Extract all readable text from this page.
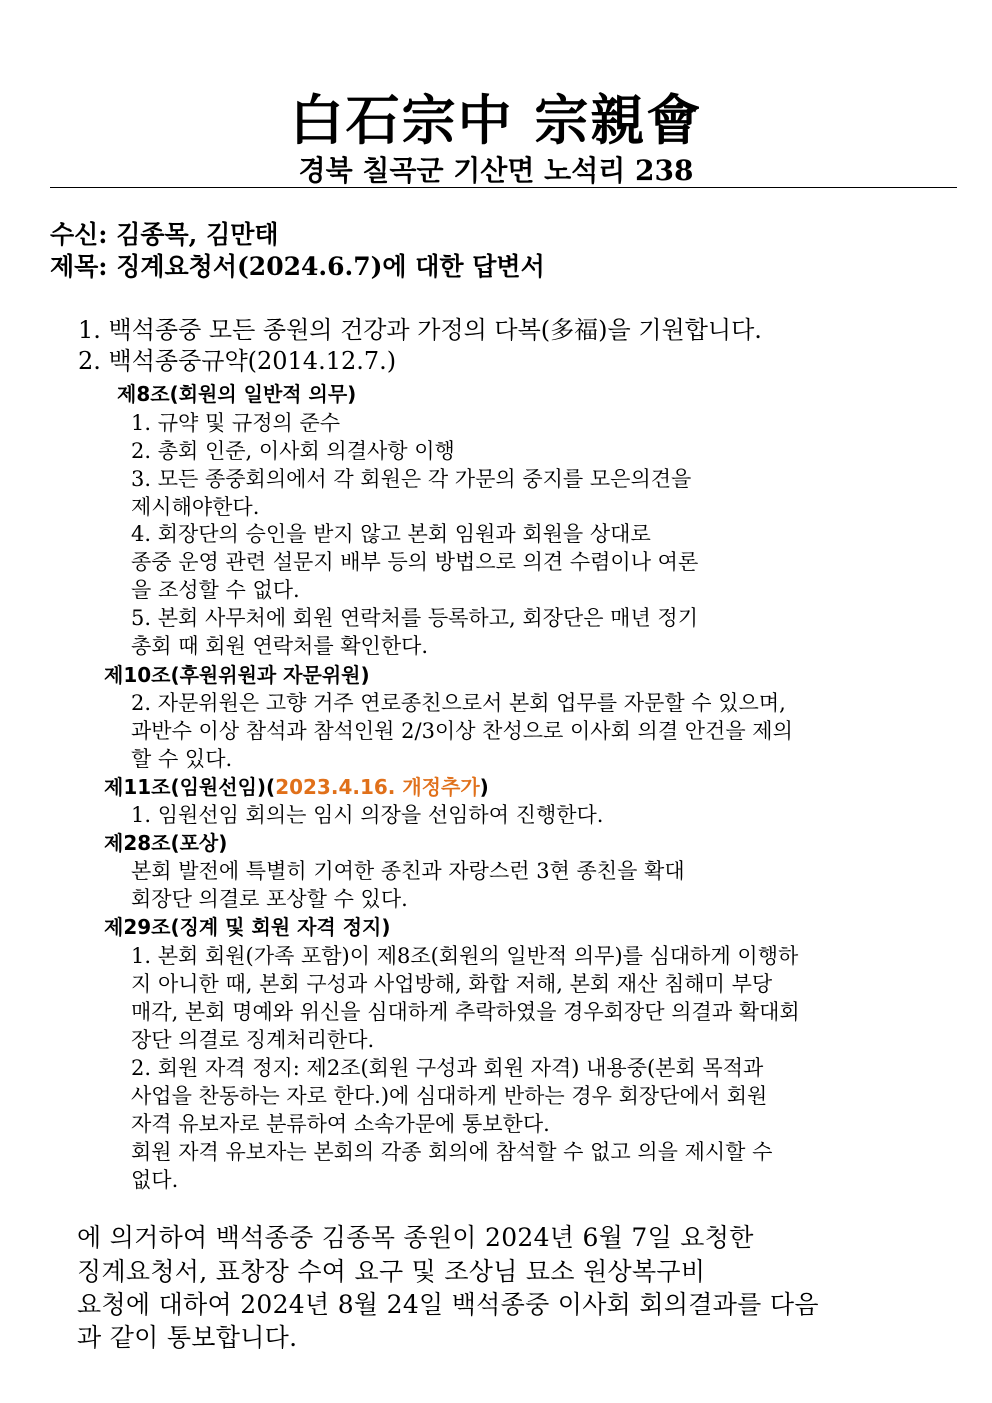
白石宗中 宗親會
경북 칠곡군 기산면 노석리 238
수신: 김종목, 김만태
제목: 징계요청서(2024.6.7)에 대한 답변서
1. 백석종중 모든 종원의 건강과 가정의 다복(多福)을 기원합니다.
2. 백석종중규약(2014.12.7.)
제8조(회원의 일반적 의무)
1. 규약 및 규정의 준수
2. 총회 인준, 이사회 의결사항 이행
3. 모든 종중회의에서 각 회원은 각 가문의 중지를 모은의견을
제시해야한다.
4. 회장단의 승인을 받지 않고 본회 임원과 회원을 상대로
종중 운영 관련 설문지 배부 등의 방법으로 의견 수렴이나 여론
을 조성할 수 없다.
5. 본회 사무처에 회원 연락처를 등록하고, 회장단은 매년 정기
총회 때 회원 연락처를 확인한다.
제10조(후원위원과 자문위원)
2. 자문위원은 고향 거주 연로종친으로서 본회 업무를 자문할 수 있으며,
과반수 이상 참석과 참석인원 2/3이상 찬성으로 이사회 의결 안건을 제의
할 수 있다.
제11조(임원선임)(2023.4.16. 개정추가)
1. 임원선임 회의는 임시 의장을 선임하여 진행한다.
제28조(포상)
본회 발전에 특별히 기여한 종친과 자랑스런 3현 종친을 확대
회장단 의결로 포상할 수 있다.
제29조(징계 및 회원 자격 정지)
1. 본회 회원(가족 포함)이 제8조(회원의 일반적 의무)를 심대하게 이행하
지 아니한 때, 본회 구성과 사업방해, 화합 저해, 본회 재산 침해미 부당
매각, 본회 명예와 위신을 심대하게 추락하였을 경우회장단 의결과 확대회
장단 의결로 징계처리한다.
2. 회원 자격 정지: 제2조(회원 구성과 회원 자격) 내용중(본회 목적과
사업을 찬동하는 자로 한다.)에 심대하게 반하는 경우 회장단에서 회원
자격 유보자로 분류하여 소속가문에 통보한다.
회원 자격 유보자는 본회의 각종 회의에 참석할 수 없고 의을 제시할 수
없다.
에 의거하여 백석종중 김종목 종원이 2024년 6월 7일 요청한
징계요청서, 표창장 수여 요구 및 조상님 묘소 원상복구비
요청에 대하여 2024년 8월 24일 백석종중 이사회 회의결과를 다음
과 같이 통보합니다.
